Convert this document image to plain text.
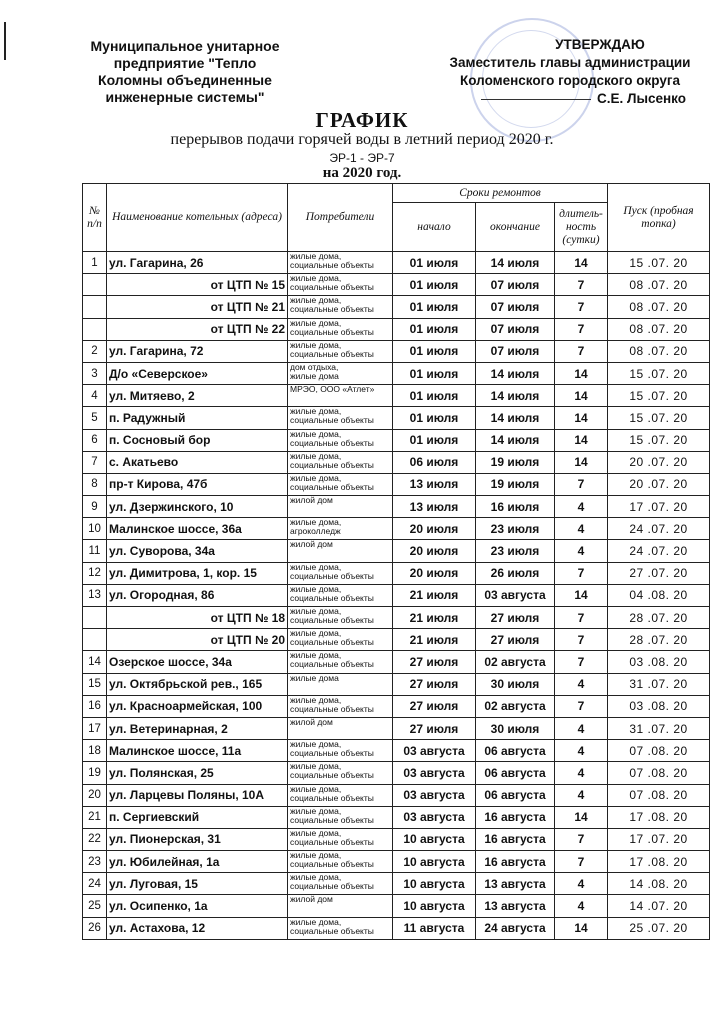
Муниципальное унитарное
предприятие "Тепло
Коломны объединенные
инженерные системы"
УТВЕРЖДАЮ
Заместитель главы администрации
Коломенского городского округа
С.Е. Лысенко
ГРАФИК
перерывов подачи горячей воды в летний период 2020 г.
ЭР-1 - ЭР-7
на 2020 год.
№ п/п	Наименование котельных (адреса)	Потребители	Сроки ремонтов			Пуск (пробная топка)
			начало	окончание	длитель-ность (сутки)	
1	ул. Гагарина, 26	жилые дома,
социальные объекты	01 июля	14 июля	14	15 .07. 20
	от ЦТП № 15	жилые дома,
социальные объекты	01 июля	07 июля	7	08 .07. 20
	от ЦТП № 21	жилые дома,
социальные объекты	01 июля	07 июля	7	08 .07. 20
	от ЦТП № 22	жилые дома,
социальные объекты	01 июля	07 июля	7	08 .07. 20
2	ул. Гагарина, 72	жилые дома,
социальные объекты	01 июля	07 июля	7	08 .07. 20
3	Д/о «Северское»	дом отдыха,
жилые дома	01 июля	14 июля	14	15 .07. 20
4	ул. Митяево, 2	МРЭО, ООО «Атлет»	01 июля	14 июля	14	15 .07. 20
5	п. Радужный	жилые дома,
социальные объекты	01 июля	14 июля	14	15 .07. 20
6	п. Сосновый бор	жилые дома,
социальные объекты	01 июля	14 июля	14	15 .07. 20
7	с. Акатьево	жилые дома,
социальные объекты	06 июля	19 июля	14	20 .07. 20
8	пр-т Кирова, 47б	жилые дома,
социальные объекты	13 июля	19 июля	7	20 .07. 20
9	ул. Дзержинского, 10	жилой дом	13 июля	16 июля	4	17 .07. 20
10	Малинское шоссе, 36а	жилые дома,
агроколледж	20 июля	23 июля	4	24 .07. 20
11	ул. Суворова, 34а	жилой дом	20 июля	23 июля	4	24 .07. 20
12	ул. Димитрова, 1, кор. 15	жилые дома,
социальные объекты	20 июля	26 июля	7	27 .07. 20
13	ул. Огородная, 86	жилые дома,
социальные объекты	21 июля	03 августа	14	04 .08. 20
	от ЦТП № 18	жилые дома,
социальные объекты	21 июля	27 июля	7	28 .07. 20
	от ЦТП № 20	жилые дома,
социальные объекты	21 июля	27 июля	7	28 .07. 20
14	Озерское шоссе, 34а	жилые дома,
социальные объекты	27 июля	02 августа	7	03 .08. 20
15	ул. Октябрьской рев., 165	жилые дома	27 июля	30 июля	4	31 .07. 20
16	ул. Красноармейская, 100	жилые дома,
социальные объекты	27 июля	02 августа	7	03 .08. 20
17	ул. Ветеринарная, 2	жилой дом	27 июля	30 июля	4	31 .07. 20
18	Малинское шоссе, 11а	жилые дома,
социальные объекты	03 августа	06 августа	4	07 .08. 20
19	ул. Полянская, 25	жилые дома,
социальные объекты	03 августа	06 августа	4	07 .08. 20
20	ул. Ларцевы Поляны, 10А	жилые дома,
социальные объекты	03 августа	06 августа	4	07 .08. 20
21	п. Сергиевский	жилые дома,
социальные объекты	03 августа	16 августа	14	17 .08. 20
22	ул. Пионерская, 31	жилые дома,
социальные объекты	10 августа	16 августа	7	17 .07. 20
23	ул. Юбилейная, 1а	жилые дома,
социальные объекты	10 августа	16 августа	7	17 .08. 20
24	ул. Луговая, 15	жилые дома,
социальные объекты	10 августа	13 августа	4	14 .08. 20
25	ул. Осипенко, 1а	жилой дом	10 августа	13 августа	4	14 .07. 20
26	ул. Астахова, 12	жилые дома,
социальные объекты	11 августа	24 августа	14	25 .07. 20
